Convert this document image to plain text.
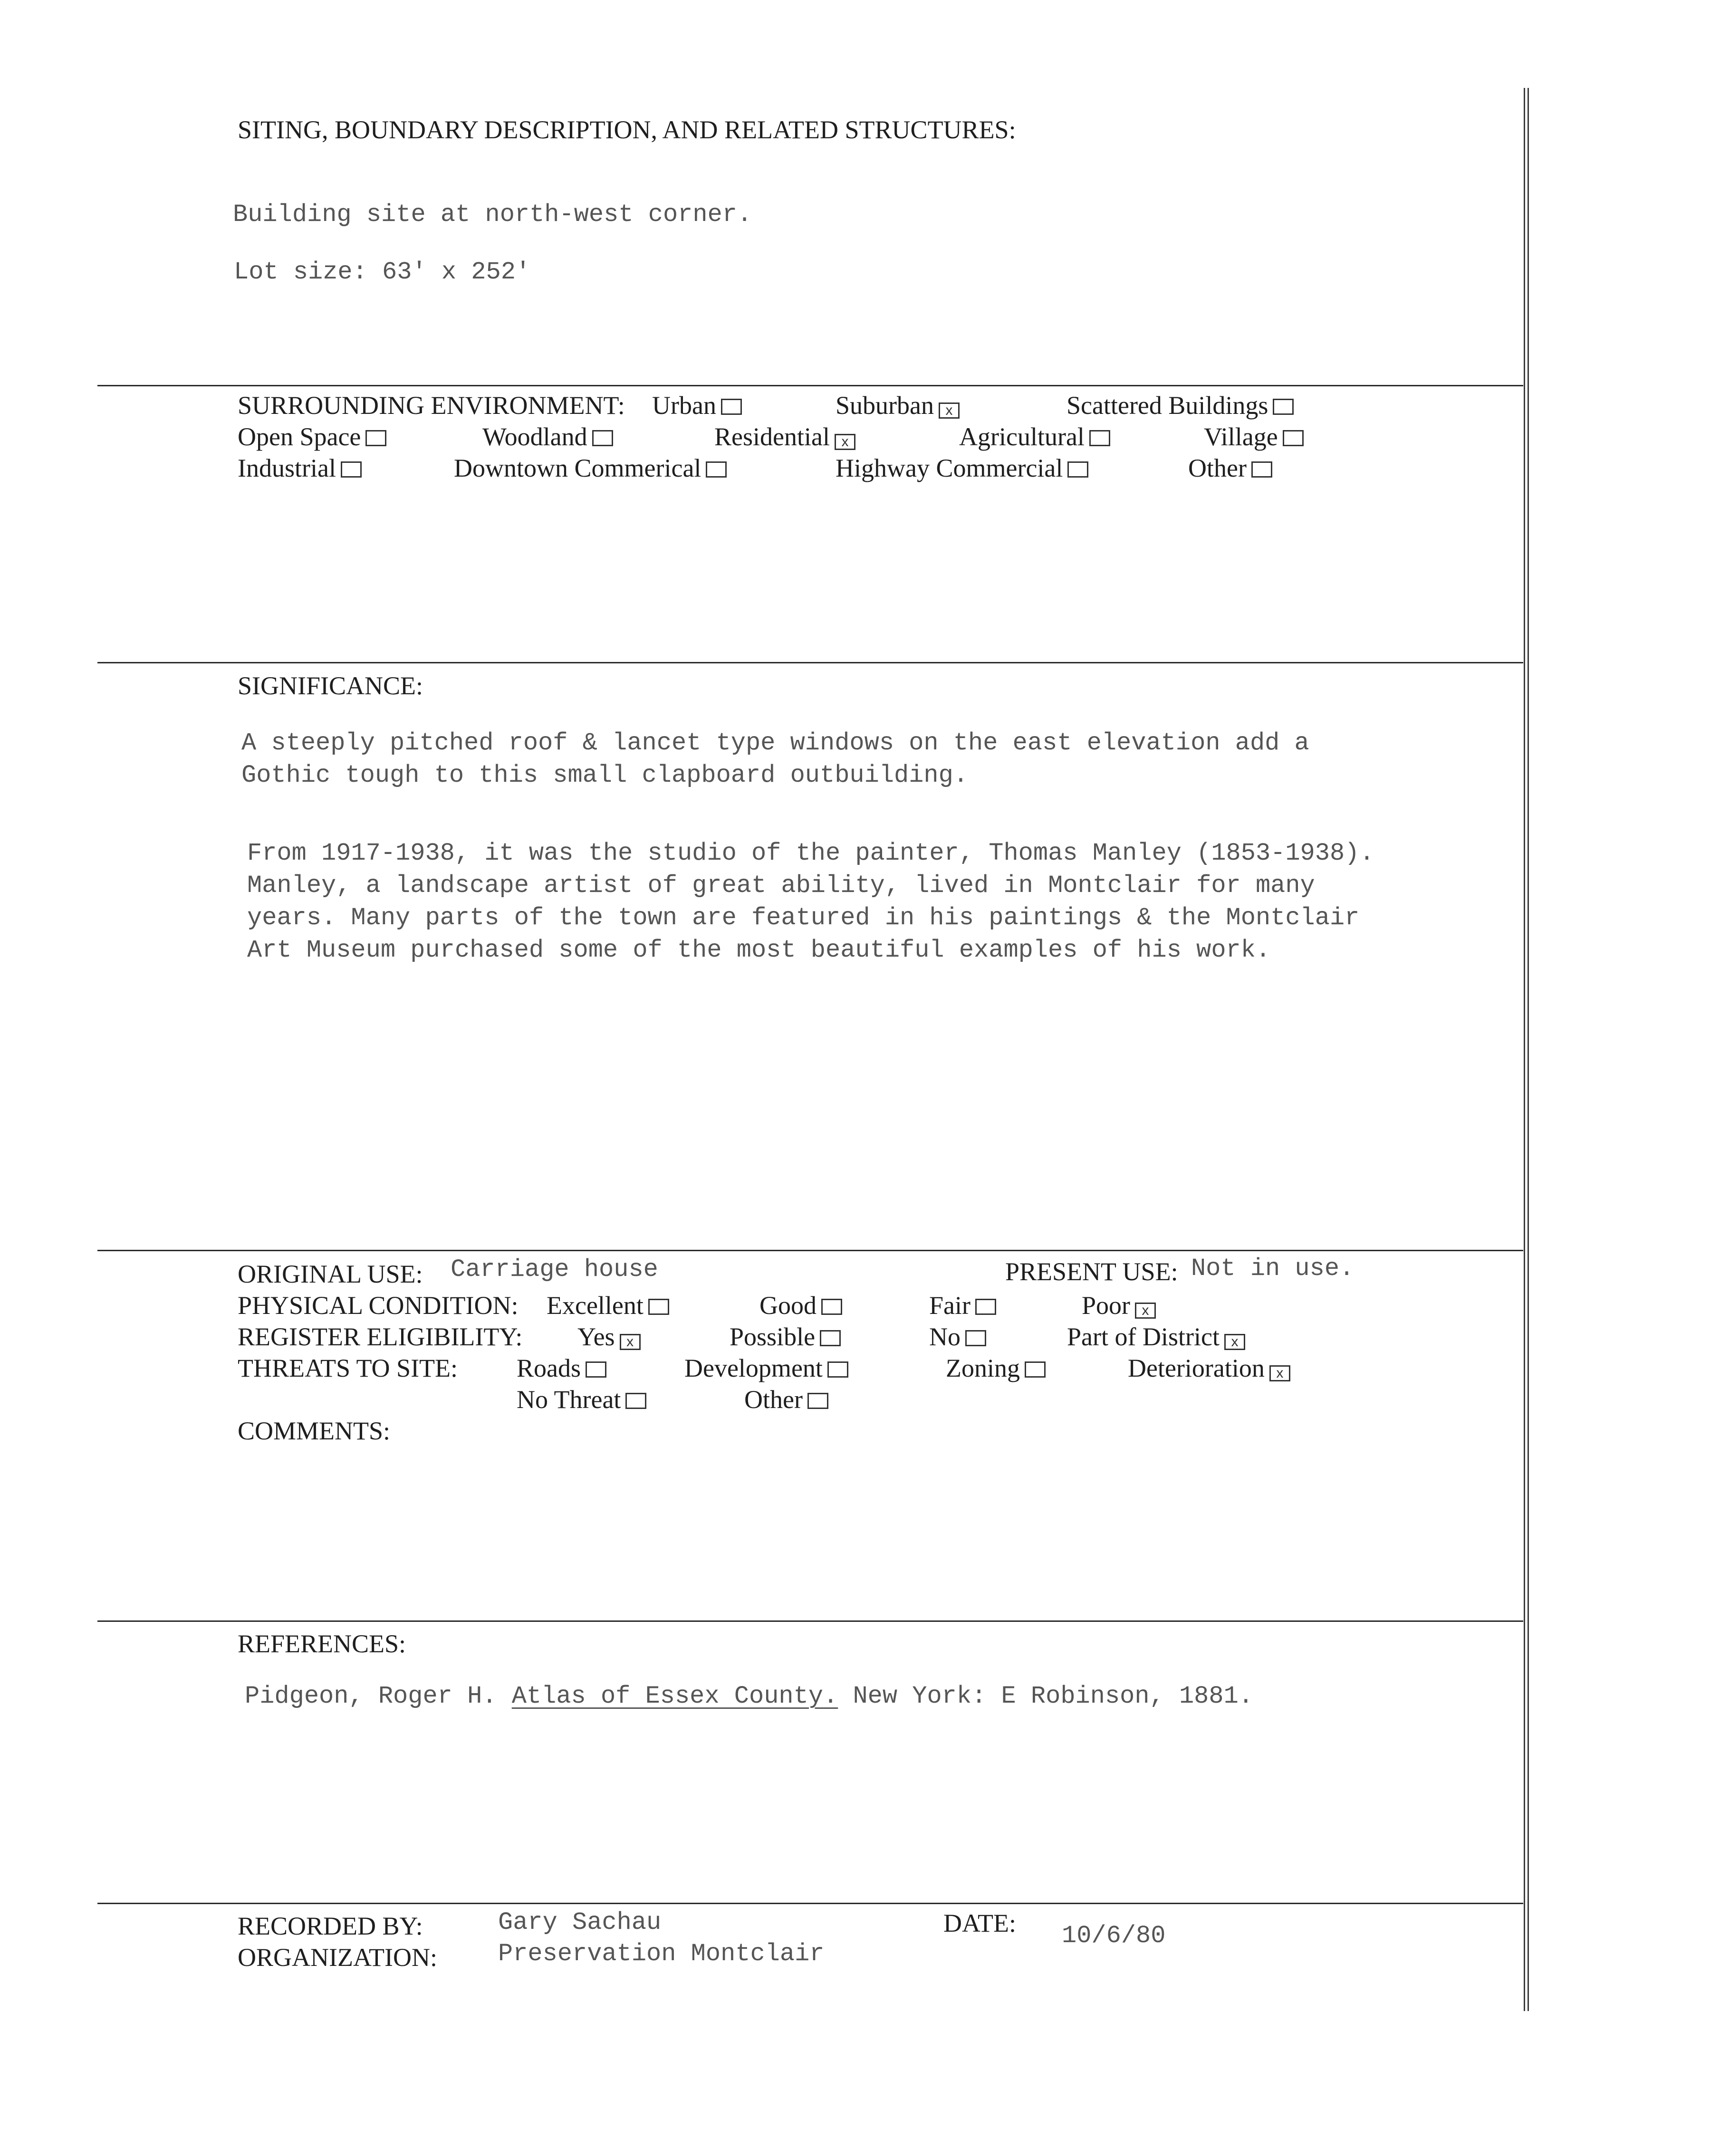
SITING, BOUNDARY DESCRIPTION, AND RELATED STRUCTURES:
Building site at north-west corner.
Lot size: 63' x 252'
SURROUNDING ENVIRONMENT: Urban	Suburban x	Scattered Buildings
Open Space	Woodland	Residential x	Agricultural	Village
Industrial	Downtown Commerical	Highway Commercial	Other
SIGNIFICANCE:
A steeply pitched roof & lancet type windows on the east elevation add a
Gothic tough to this small clapboard outbuilding.
From 1917-1938, it was the studio of the painter, Thomas Manley (1853-1938).
Manley, a landscape artist of great ability, lived in Montclair for many
years. Many parts of the town are featured in his paintings & the Montclair
Art Museum purchased some of the most beautiful examples of his work.
ORIGINAL USE: Carriage house	PRESENT USE: Not in use.
PHYSICAL CONDITION: Excellent	Good	Fair	Poor x
REGISTER ELIGIBILITY: Yes x	Possible	No	Part of District x
THREATS TO SITE: Roads	Development	Zoning	Deterioration x
No Threat	Other
COMMENTS:
REFERENCES:
Pidgeon, Roger H. Atlas of Essex County. New York: E Robinson, 1881.
RECORDED BY:	Gary Sachau
ORGANIZATION: Preservation Montclair
DATE: 10/6/80
